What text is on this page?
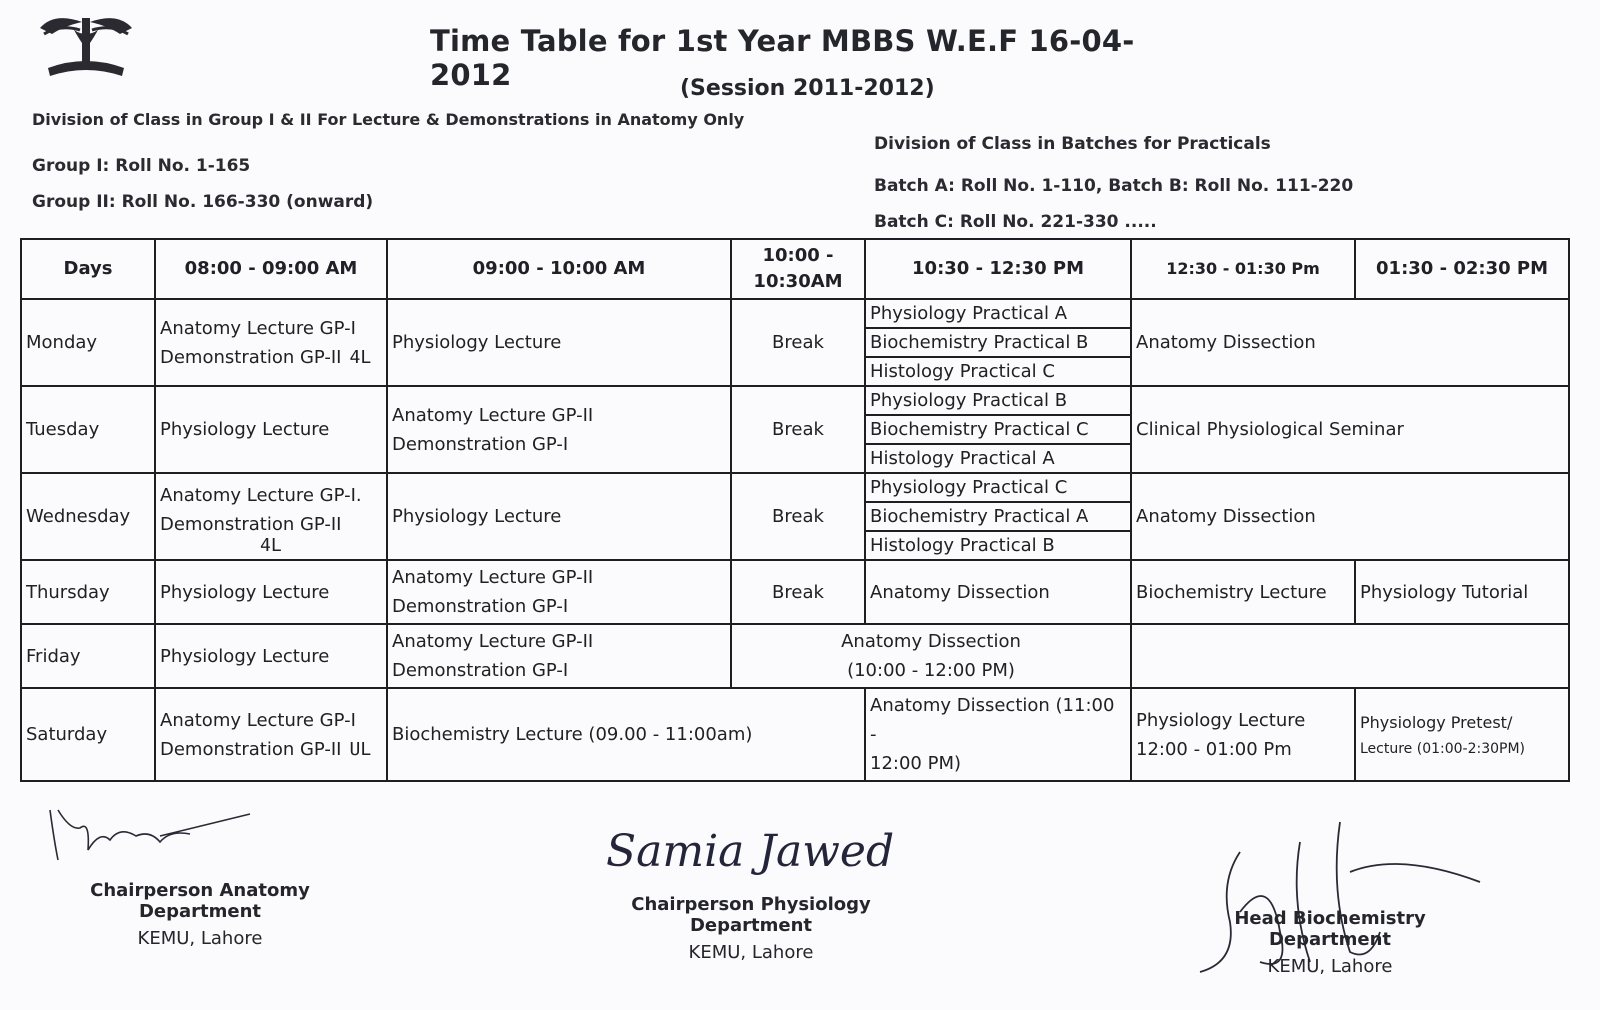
Time Table for 1st Year MBBS W.E.F 16-04-2012	(Session 2011-2012)
Division of Class in Group I & II For Lecture & Demonstrations in Anatomy Only
Group I: Roll No. 1-165
Group II: Roll No. 166-330 (onward)
Division of Class in Batches for Practicals
Batch A: Roll No. 1-110, Batch B: Roll No. 111-220
Batch C: Roll No. 221-330 .....
Days	08:00 - 09:00 AM	09:00 - 10:00 AM	10:00 - 10:30AM	10:30 - 12:30 PM	12:30 - 01:30 Pm	01:30 - 02:30 PM
Monday	Anatomy Lecture GP-I
Demonstration GP-II 4L	Physiology Lecture	Break	Physiology Practical A
Biochemistry Practical B
Histology Practical C	Anatomy Dissection	
Tuesday	Physiology Lecture	Anatomy Lecture GP-II
Demonstration GP-I	Break	Physiology Practical B
Biochemistry Practical C
Histology Practical A	Clinical Physiological Seminar	
Wednesday	Anatomy Lecture GP-I.
Demonstration GP-II
4L	Physiology Lecture	Break	Physiology Practical C
Biochemistry Practical A
Histology Practical B	Anatomy Dissection	
Thursday	Physiology Lecture	Anatomy Lecture GP-II
Demonstration GP-I	Break	Anatomy Dissection	Biochemistry Lecture	Physiology Tutorial
Friday	Physiology Lecture	Anatomy Lecture GP-II
Demonstration GP-I	Anatomy Dissection
(10:00 - 12:00 PM)			

Saturday	Anatomy Lecture GP-I
Demonstration GP-II UL	Biochemistry Lecture (09.00 - 11:00am)		Anatomy Dissection (11:00 -
12:00 PM)	Physiology Lecture
12:00 - 01:00 Pm	Physiology Pretest/
Lecture (01:00-2:30PM)
Chairperson Anatomy Department
KEMU, Lahore
Samia Jawed
Chairperson Physiology Department
KEMU, Lahore
Head Biochemistry Department
KEMU, Lahore
